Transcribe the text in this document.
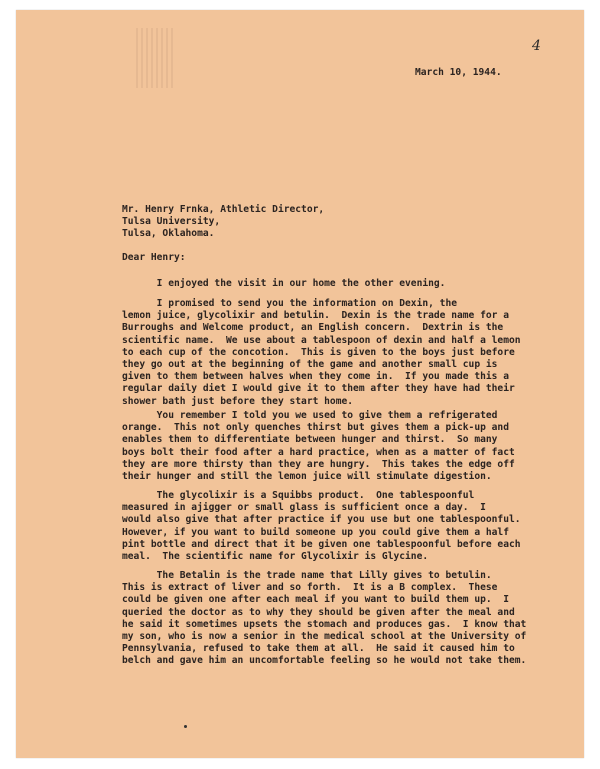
4
March 10, 1944.
Mr. Henry Frnka, Athletic Director,
Tulsa University,
Tulsa, Oklahoma.
Dear Henry:
I enjoyed the visit in our home the other evening.
I promised to send you the information on Dexin, the
lemon juice, glycolixir and betulin.  Dexin is the trade name for a
Burroughs and Welcome product, an English concern.  Dextrin is the
scientific name.  We use about a tablespoon of dexin and half a lemon
to each cup of the concotion.  This is given to the boys just before
they go out at the beginning of the game and another small cup is
given to them between halves when they come in.  If you made this a
regular daily diet I would give it to them after they have had their
shower bath just before they start home.
You remember I told you we used to give them a refrigerated
orange.  This not only quenches thirst but gives them a pick-up and
enables them to differentiate between hunger and thirst.  So many
boys bolt their food after a hard practice, when as a matter of fact
they are more thirsty than they are hungry.  This takes the edge off
their hunger and still the lemon juice will stimulate digestion.
The glycolixir is a Squibbs product.  One tablespoonful
measured in ajigger or small glass is sufficient once a day.  I
would also give that after practice if you use but one tablespoonful.
However, if you want to build someone up you could give them a half
pint bottle and direct that it be given one tablespoonful before each
meal.  The scientific name for Glycolixir is Glycine.
The Betalin is the trade name that Lilly gives to betulin.
This is extract of liver and so forth.  It is a B complex.  These
could be given one after each meal if you want to build them up.  I
queried the doctor as to why they should be given after the meal and
he said it sometimes upsets the stomach and produces gas.  I know that
my son, who is now a senior in the medical school at the University of
Pennsylvania, refused to take them at all.  He said it caused him to
belch and gave him an uncomfortable feeling so he would not take them.
